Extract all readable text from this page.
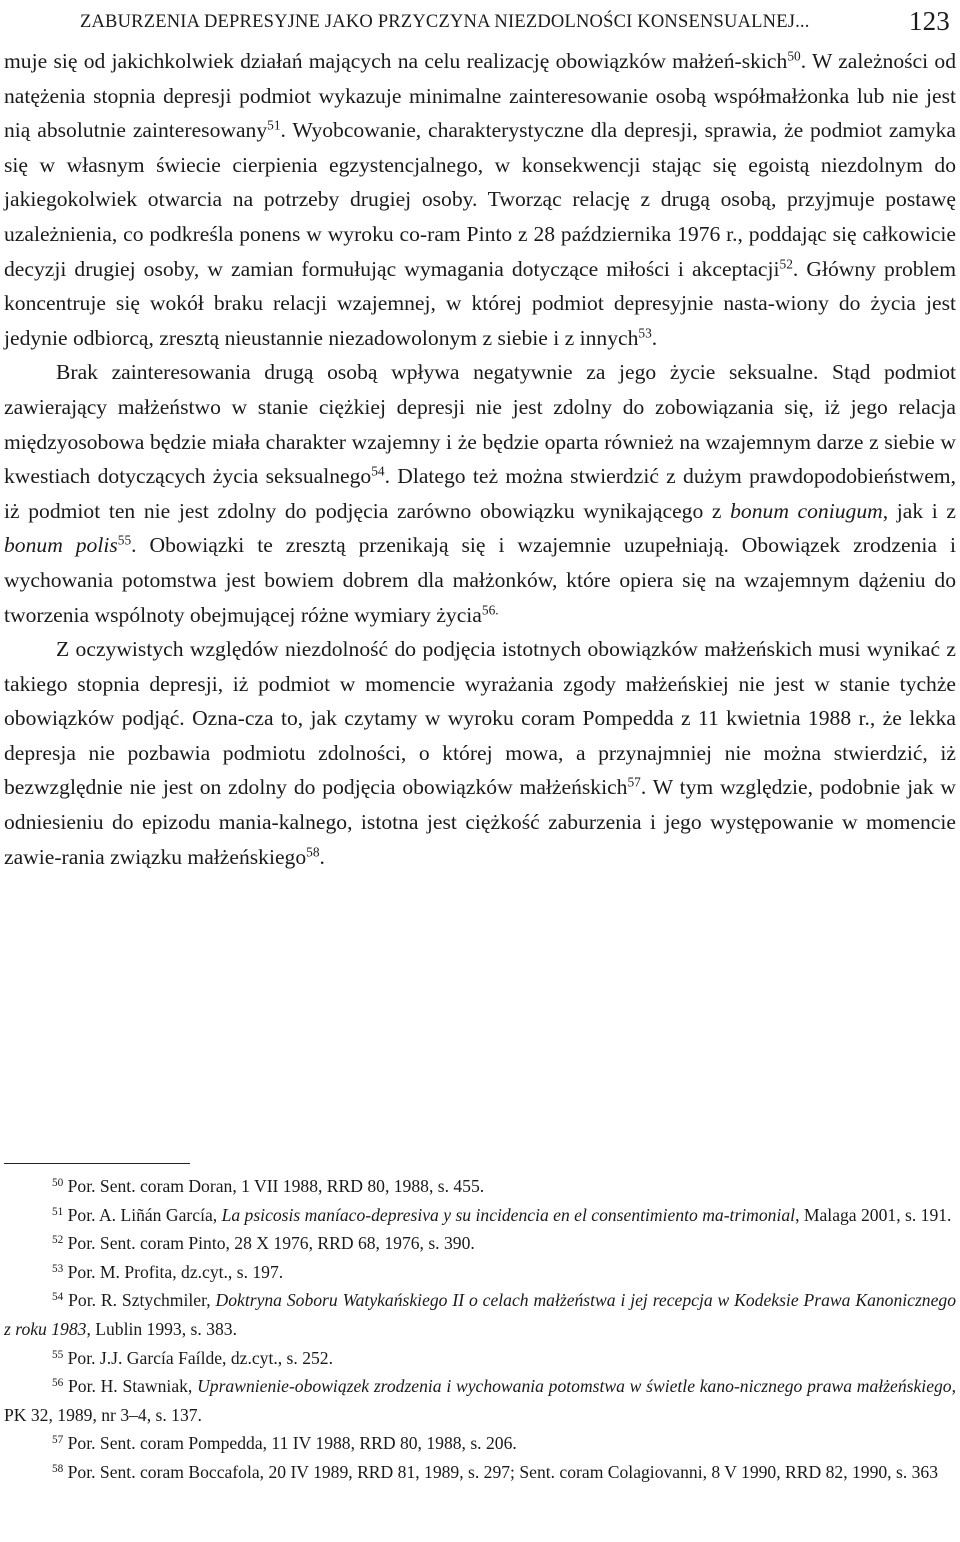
ZABURZENIA DEPRESYJNE JAKO PRZYCZYNA NIEZDOLNOŚCI KONSENSUALNEJ...	123

muje się od jakichkolwiek działań mających na celu realizację obowiązków małżeń-skich$^{50}$. W zależności od natężenia stopnia depresji podmiot wykazuje minimalne zainteresowanie osobą współmałżonka lub nie jest nią absolutnie zainteresowany$^{51}$. Wyobcowanie, charakterystyczne dla depresji, sprawia, że podmiot zamyka się w własnym świecie cierpienia egzystencjalnego, w konsekwencji stając się egoistą niezdolnym do jakiegokolwiek otwarcia na potrzeby drugiej osoby. Tworząc relację z drugą osobą, przyjmuje postawę uzależnienia, co podkreśla ponens w wyroku co-ram Pinto z 28 października 1976 r., poddając się całkowicie decyzji drugiej osoby, w zamian formułując wymagania dotyczące miłości i akceptacji$^{52}$. Główny problem koncentruje się wokół braku relacji wzajemnej, w której podmiot depresyjnie nasta-wiony do życia jest jedynie odbiorcą, zresztą nieustannie niezadowolonym z siebie i z innych$^{53}$.

Brak zainteresowania drugą osobą wpływa negatywnie za jego życie seksualne. Stąd podmiot zawierający małżeństwo w stanie ciężkiej depresji nie jest zdolny do zobowiązania się, iż jego relacja międzyosobowa będzie miała charakter wzajemny i że będzie oparta również na wzajemnym darze z siebie w kwestiach dotyczących życia seksualnego$^{54}$. Dlatego też można stwierdzić z dużym prawdopodobieństwem, iż podmiot ten nie jest zdolny do podjęcia zarówno obowiązku wynikającego z bonum coniugum, jak i z bonum polis$^{55}$. Obowiązki te zresztą przenikają się i wzajemnie uzupełniają. Obowiązek zrodzenia i wychowania potomstwa jest bowiem dobrem dla małżonków, które opiera się na wzajemnym dążeniu do tworzenia wspólnoty obejmującej różne wymiary życia$^{56.}$

Z oczywistych względów niezdolność do podjęcia istotnych obowiązków małżeńskich musi wynikać z takiego stopnia depresji, iż podmiot w momencie wyrażania zgody małżeńskiej nie jest w stanie tychże obowiązków podjąć. Ozna-cza to, jak czytamy w wyroku coram Pompedda z 11 kwietnia 1988 r., że lekka depresja nie pozbawia podmiotu zdolności, o której mowa, a przynajmniej nie można stwierdzić, iż bezwzględnie nie jest on zdolny do podjęcia obowiązków małżeńskich$^{57}$. W tym względzie, podobnie jak w odniesieniu do epizodu mania-kalnego, istotna jest ciężkość zaburzenia i jego występowanie w momencie zawie-rania związku małżeńskiego$^{58}$.

$^{50}$ Por. Sent. coram Doran, 1 VII 1988, RRD 80, 1988, s. 455.

$^{51}$ Por. A. Liñán García, La psicosis maníaco-depresiva y su incidencia en el consentimiento ma-trimonial, Malaga 2001, s. 191.

$^{52}$ Por. Sent. coram Pinto, 28 X 1976, RRD 68, 1976, s. 390.

$^{53}$ Por. M. Profita, dz.cyt., s. 197.

$^{54}$ Por. R. Sztychmiler, Doktryna Soboru Watykańskiego II o celach małżeństwa i jej recepcja w Kodeksie Prawa Kanonicznego z roku 1983, Lublin 1993, s. 383.

$^{55}$ Por. J.J. García Faílde, dz.cyt., s. 252.

$^{56}$ Por. H. Stawniak, Uprawnienie-obowiązek zrodzenia i wychowania potomstwa w świetle kano-nicznego prawa małżeńskiego, PK 32, 1989, nr 3–4, s. 137.

$^{57}$ Por. Sent. coram Pompedda, 11 IV 1988, RRD 80, 1988, s. 206.

$^{58}$ Por. Sent. coram Boccafola, 20 IV 1989, RRD 81, 1989, s. 297; Sent. coram Colagiovanni, 8 V 1990, RRD 82, 1990, s. 363
